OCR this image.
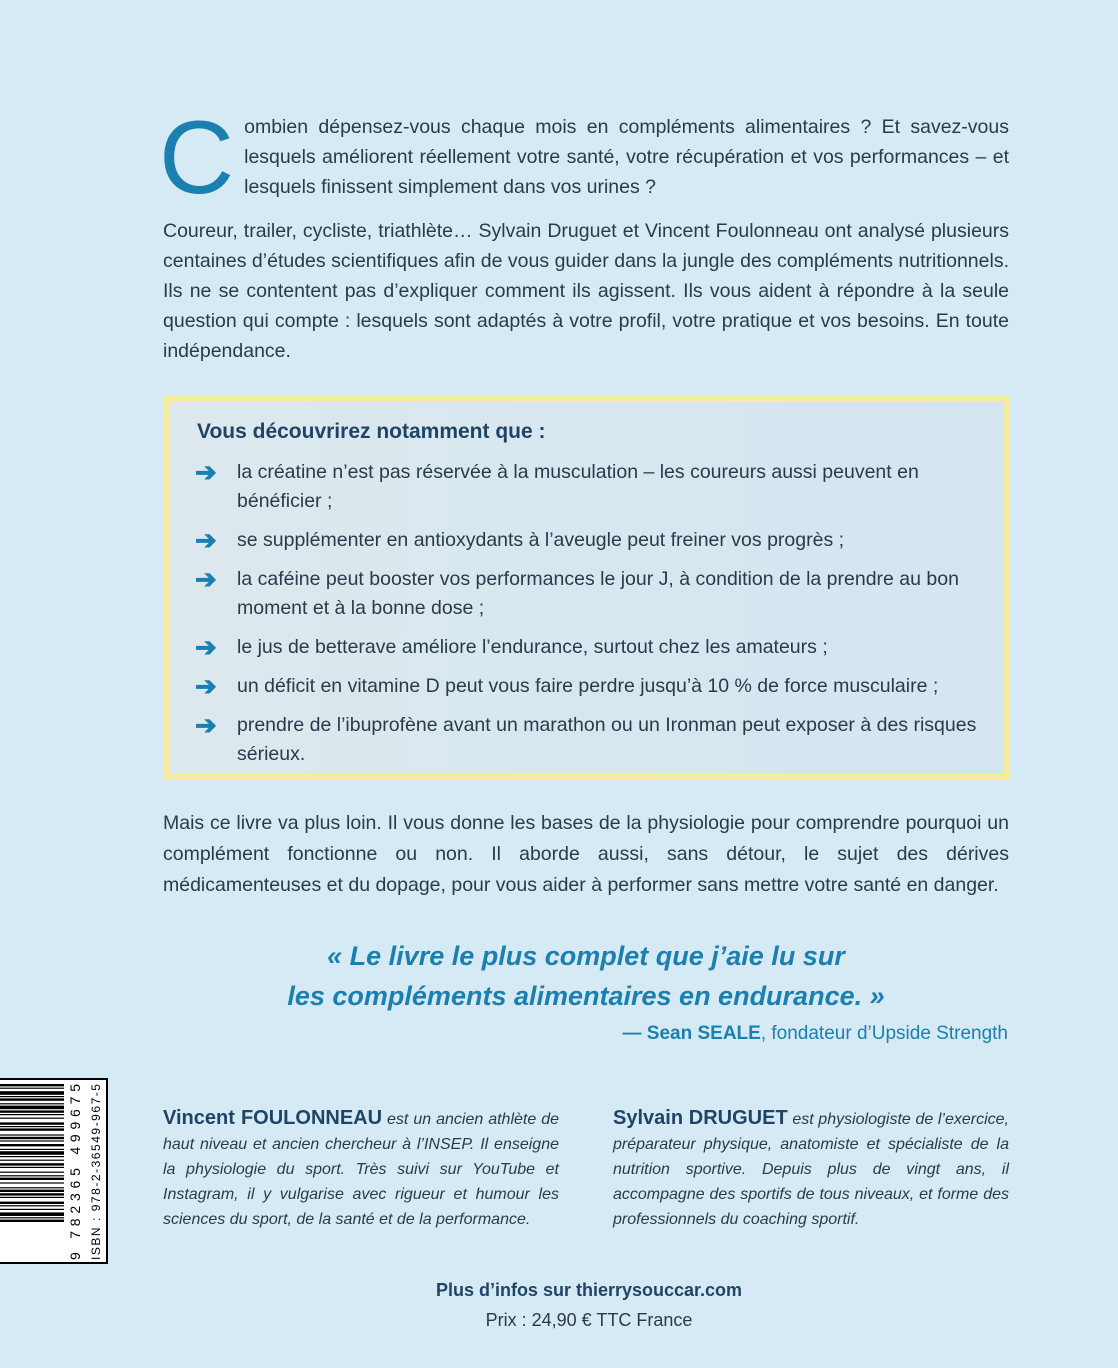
C ombien dépensez-vous chaque mois en compléments alimentaires ? Et savez-vous lesquels améliorent réellement votre santé, votre récupération et vos performances – et lesquels finissent simplement dans vos urines ?
Coureur, trailer, cycliste, triathlète… Sylvain Druguet et Vincent Foulonneau ont analysé plusieurs centaines d’études scientifiques afin de vous guider dans la jungle des compléments nutritionnels. Ils ne se contentent pas d’expliquer comment ils agissent. Ils vous aident à répondre à la seule question qui compte : lesquels sont adaptés à votre profil, votre pratique et vos besoins. En toute indépendance.
Vous découvrirez notamment que :
➔ la créatine n’est pas réservée à la musculation – les coureurs aussi peuvent en bénéficier ;
➔ se supplémenter en antioxydants à l’aveugle peut freiner vos progrès ;
➔ la caféine peut booster vos performances le jour J, à condition de la prendre au bon moment et à la bonne dose ;
➔ le jus de betterave améliore l’endurance, surtout chez les amateurs ;
➔ un déficit en vitamine D peut vous faire perdre jusqu’à 10 % de force musculaire ;
➔ prendre de l’ibuprofène avant un marathon ou un Ironman peut exposer à des risques sérieux.
Mais ce livre va plus loin. Il vous donne les bases de la physiologie pour comprendre pourquoi un complément fonctionne ou non. Il aborde aussi, sans détour, le sujet des dérives médicamenteuses et du dopage, pour vous aider à performer sans mettre votre santé en danger.
« Le livre le plus complet que j’aie lu sur
les compléments alimentaires en endurance. »
— Sean SEALE, fondateur d’Upside Strength
9 782365 499675
ISBN : 978-2-36549-967-5
Vincent FOULONNEAU est un ancien athlète de haut niveau et ancien chercheur à l’INSEP. Il enseigne la physiologie du sport. Très suivi sur YouTube et Instagram, il y vulgarise avec rigueur et humour les sciences du sport, de la santé et de la performance.
Sylvain DRUGUET est physiologiste de l’exercice, préparateur physique, anatomiste et spécialiste de la nutrition sportive. Depuis plus de vingt ans, il accompagne des sportifs de tous niveaux, et forme des professionnels du coaching sportif.
Plus d’infos sur thierrysouccar.com
Prix : 24,90 € TTC France
